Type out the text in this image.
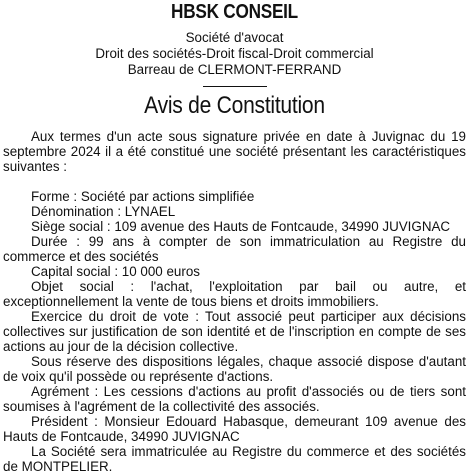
HBSK CONSEIL

Société d'avocat

Droit des sociétés-Droit fiscal-Droit commercial

Barreau de CLERMONT-FERRAND

Avis de Constitution

Aux termes d'un acte sous signature privée en date à Juvignac du 19 septembre 2024 il a été constitué une société présentant les caractéristiques suivantes :

Forme : Société par actions simplifiée

Dénomination : LYNAEL

Siège social : 109 avenue des Hauts de Fontcaude, 34990 JUVIGNAC

Durée : 99 ans à compter de son immatriculation au Registre du commerce et des sociétés

Capital social : 10 000 euros

Objet social : l'achat, l'exploitation par bail ou autre, et exceptionnellement la vente de tous biens et droits immobiliers.

Exercice du droit de vote : Tout associé peut participer aux décisions collectives sur justification de son identité et de l'inscription en compte de ses actions au jour de la décision collective.

Sous réserve des dispositions légales, chaque associé dispose d'autant de voix qu'il possède ou représente d'actions.

Agrément : Les cessions d'actions au profit d'associés ou de tiers sont soumises à l'agrément de la collectivité des associés.

Président : Monsieur Edouard Habasque, demeurant 109 avenue des Hauts de Fontcaude, 34990 JUVIGNAC

La Société sera immatriculée au Registre du commerce et des sociétés de MONTPELIER.
